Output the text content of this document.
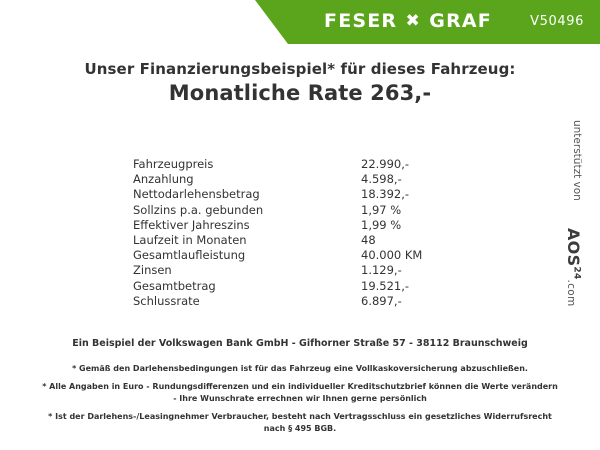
FESER ✖ GRAF	V50496
Unser Finanzierungsbeispiel* für dieses Fahrzeug:
Monatliche Rate 263,-
Fahrzeugpreis	22.990,-
Anzahlung	4.598,-
Nettodarlehensbetrag	18.392,-
Sollzins p.a. gebunden	1,97 %
Effektiver Jahreszins	1,99 %
Laufzeit in Monaten	48
Gesamtlaufleistung	40.000 KM
Zinsen	1.129,-
Gesamtbetrag	19.521,-
Schlussrate	6.897,-
Ein Beispiel der Volkswagen Bank GmbH - Gifhorner Straße 57 - 38112 Braunschweig
* Gemäß den Darlehensbedingungen ist für das Fahrzeug eine Vollkaskoversicherung abzuschließen.
* Alle Angaben in Euro - Rundungsdifferenzen und ein individueller Kreditschutzbrief können die Werte verändern
- Ihre Wunschrate errechnen wir Ihnen gerne persönlich
* Ist der Darlehens-/Leasingnehmer Verbraucher, besteht nach Vertragsschluss ein gesetzliches Widerrufsrecht
nach § 495 BGB.
unterstützt von
AOS$^{24}$.com
